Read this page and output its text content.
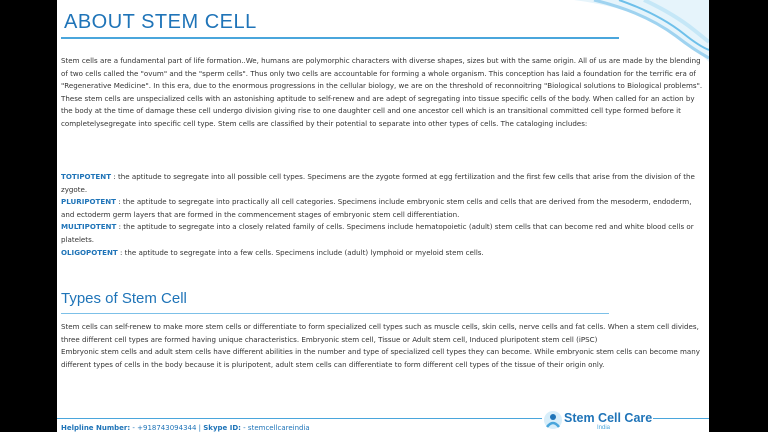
ABOUT STEM CELL
Stem cells are a fundamental part of life formation..We, humans are polymorphic characters with diverse shapes, sizes but with the same origin. All of us are made by the blending of two cells called the "ovum" and the "sperm cells". Thus only two cells are accountable for forming a whole organism. This conception has laid a foundation for the terrific era of "Regenerative Medicine". In this era, due to the enormous progressions in the cellular biology, we are on the threshold of reconnoitring "Biological solutions to Biological problems". These stem cells are unspecialized cells with an astonishing aptitude to self-renew and are adept of segregating into tissue specific cells of the body. When called for an action by the body at the time of damage these cell undergo division giving rise to one daughter cell and one ancestor cell which is an transitional committed cell type formed before it completelysegregate into specific cell type. Stem cells are classified by their potential to separate into other types of cells. The cataloging includes:

TOTIPOTENT : the aptitude to segregate into all possible cell types. Specimens are the zygote formed at egg fertilization and the first few cells that arise from the division of the zygote.

PLURIPOTENT : the aptitude to segregate into practically all cell categories. Specimens include embryonic stem cells and cells that are derived from the mesoderm, endoderm, and ectoderm germ layers that are formed in the commencement stages of embryonic stem cell differentiation.

MULTIPOTENT : the aptitude to segregate into a closely related family of cells. Specimens include hematopoietic (adult) stem cells that can become red and white blood cells or platelets.

OLIGOPOTENT : the aptitude to segregate into a few cells. Specimens include (adult) lymphoid or myeloid stem cells.

Types of Stem Cell

Stem cells can self-renew to make more stem cells or differentiate to form specialized cell types such as muscle cells, skin cells, nerve cells and fat cells. When a stem cell divides, three different cell types are formed having unique characteristics. Embryonic stem cell, Tissue or Adult stem cell, Induced pluripotent stem cell (iPSC)

Embryonic stem cells and adult stem cells have different abilities in the number and type of specialized cell types they can become. While embryonic stem cells can become many different types of cells in the body because it is pluripotent, adult stem cells can differentiate to form different cell types of the tissue of their origin only.

Helpline Number: - +918743094344 | Skype ID: - stemcellcareindia
Stem Cell Care
India
